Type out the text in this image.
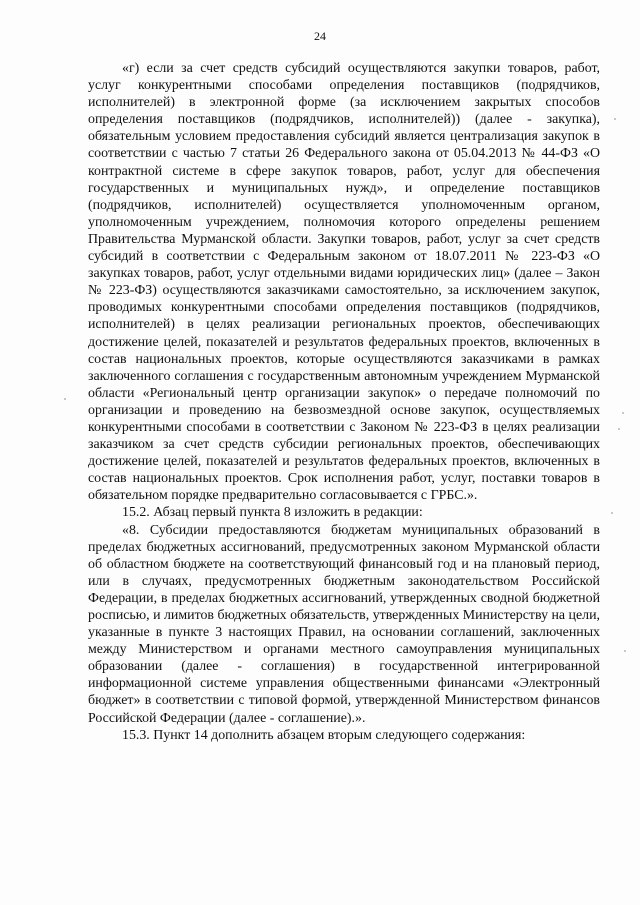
24

«г) если за счет средств субсидий осуществляются закупки товаров, работ, услуг конкурентными способами определения поставщиков (подрядчиков, исполнителей) в электронной форме (за исключением закрытых способов определения поставщиков (подрядчиков, исполнителей)) (далее - закупка), обязательным условием предоставления субсидий является централизация закупок в соответствии с частью 7 статьи 26 Федерального закона от 05.04.2013 № 44-ФЗ «О контрактной системе в сфере закупок товаров, работ, услуг для обеспечения государственных и муниципальных нужд», и определение поставщиков (подрядчиков, исполнителей) осуществляется уполномоченным органом, уполномоченным учреждением, полномочия которого определены решением Правительства Мурманской области. Закупки товаров, работ, услуг за счет средств субсидий в соответствии с Федеральным законом от 18.07.2011 № 223-ФЗ «О закупках товаров, работ, услуг отдельными видами юридических лиц» (далее – Закон № 223-ФЗ) осуществляются заказчиками самостоятельно, за исключением закупок, проводимых конкурентными способами определения поставщиков (подрядчиков, исполнителей) в целях реализации региональных проектов, обеспечивающих достижение целей, показателей и результатов федеральных проектов, включенных в состав национальных проектов, которые осуществляются заказчиками в рамках заключенного соглашения с государственным автономным учреждением Мурманской области «Региональный центр организации закупок» о передаче полномочий по организации и проведению на безвозмездной основе закупок, осуществляемых конкурентными способами в соответствии с Законом № 223-ФЗ в целях реализации заказчиком за счет средств субсидии региональных проектов, обеспечивающих достижение целей, показателей и результатов федеральных проектов, включенных в состав национальных проектов. Срок исполнения работ, услуг, поставки товаров в обязательном порядке предварительно согласовывается с ГРБС.».

15.2. Абзац первый пункта 8 изложить в редакции:

«8. Субсидии предоставляются бюджетам муниципальных образований в пределах бюджетных ассигнований, предусмотренных законом Мурманской области об областном бюджете на соответствующий финансовый год и на плановый период, или в случаях, предусмотренных бюджетным законодательством Российской Федерации, в пределах бюджетных ассигнований, утвержденных сводной бюджетной росписью, и лимитов бюджетных обязательств, утвержденных Министерству на цели, указанные в пункте 3 настоящих Правил, на основании соглашений, заключенных между Министерством и органами местного самоуправления муниципальных образовании (далее - соглашения) в государственной интегрированной информационной системе управления общественными финансами «Электронный бюджет» в соответствии с типовой формой, утвержденной Министерством финансов Российской Федерации (далее - соглашение).».

15.3. Пункт 14 дополнить абзацем вторым следующего содержания:
